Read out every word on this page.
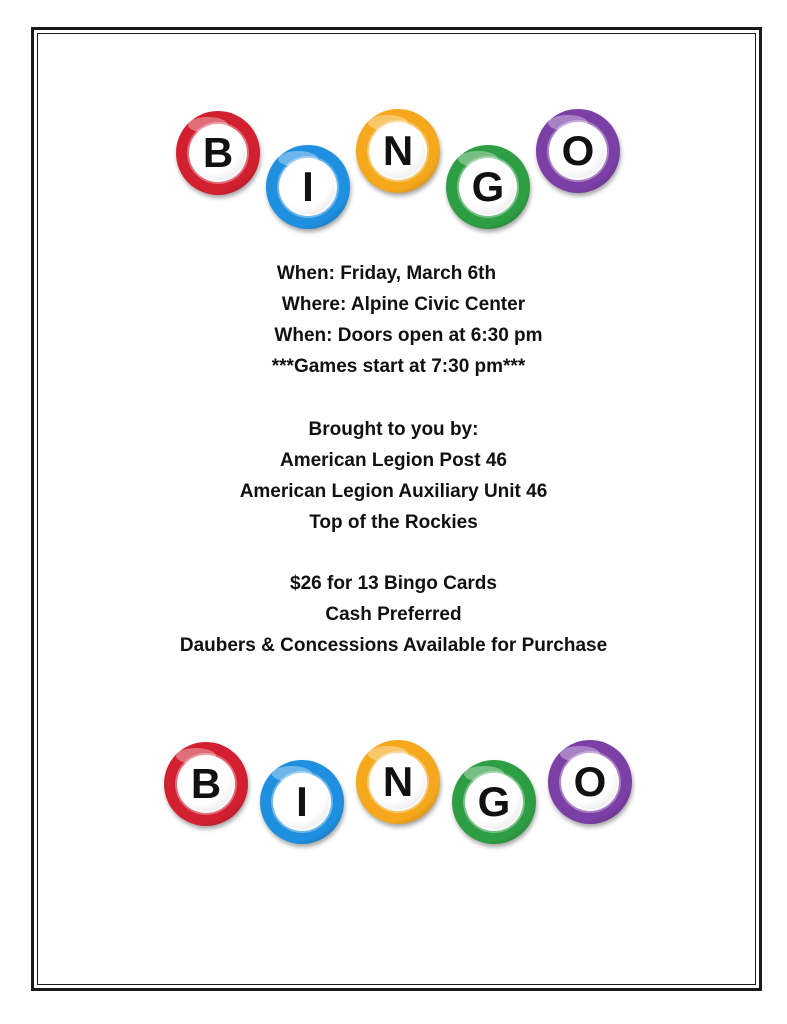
B
I
N
G
O
When: Friday, March 6th
Where: Alpine Civic Center
When: Doors open at 6:30 pm
***Games start at 7:30 pm***
Brought to you by:
American Legion Post 46
American Legion Auxiliary Unit 46
Top of the Rockies
$26 for 13 Bingo Cards
Cash Preferred
Daubers & Concessions Available for Purchase
B	I	N	G	O
